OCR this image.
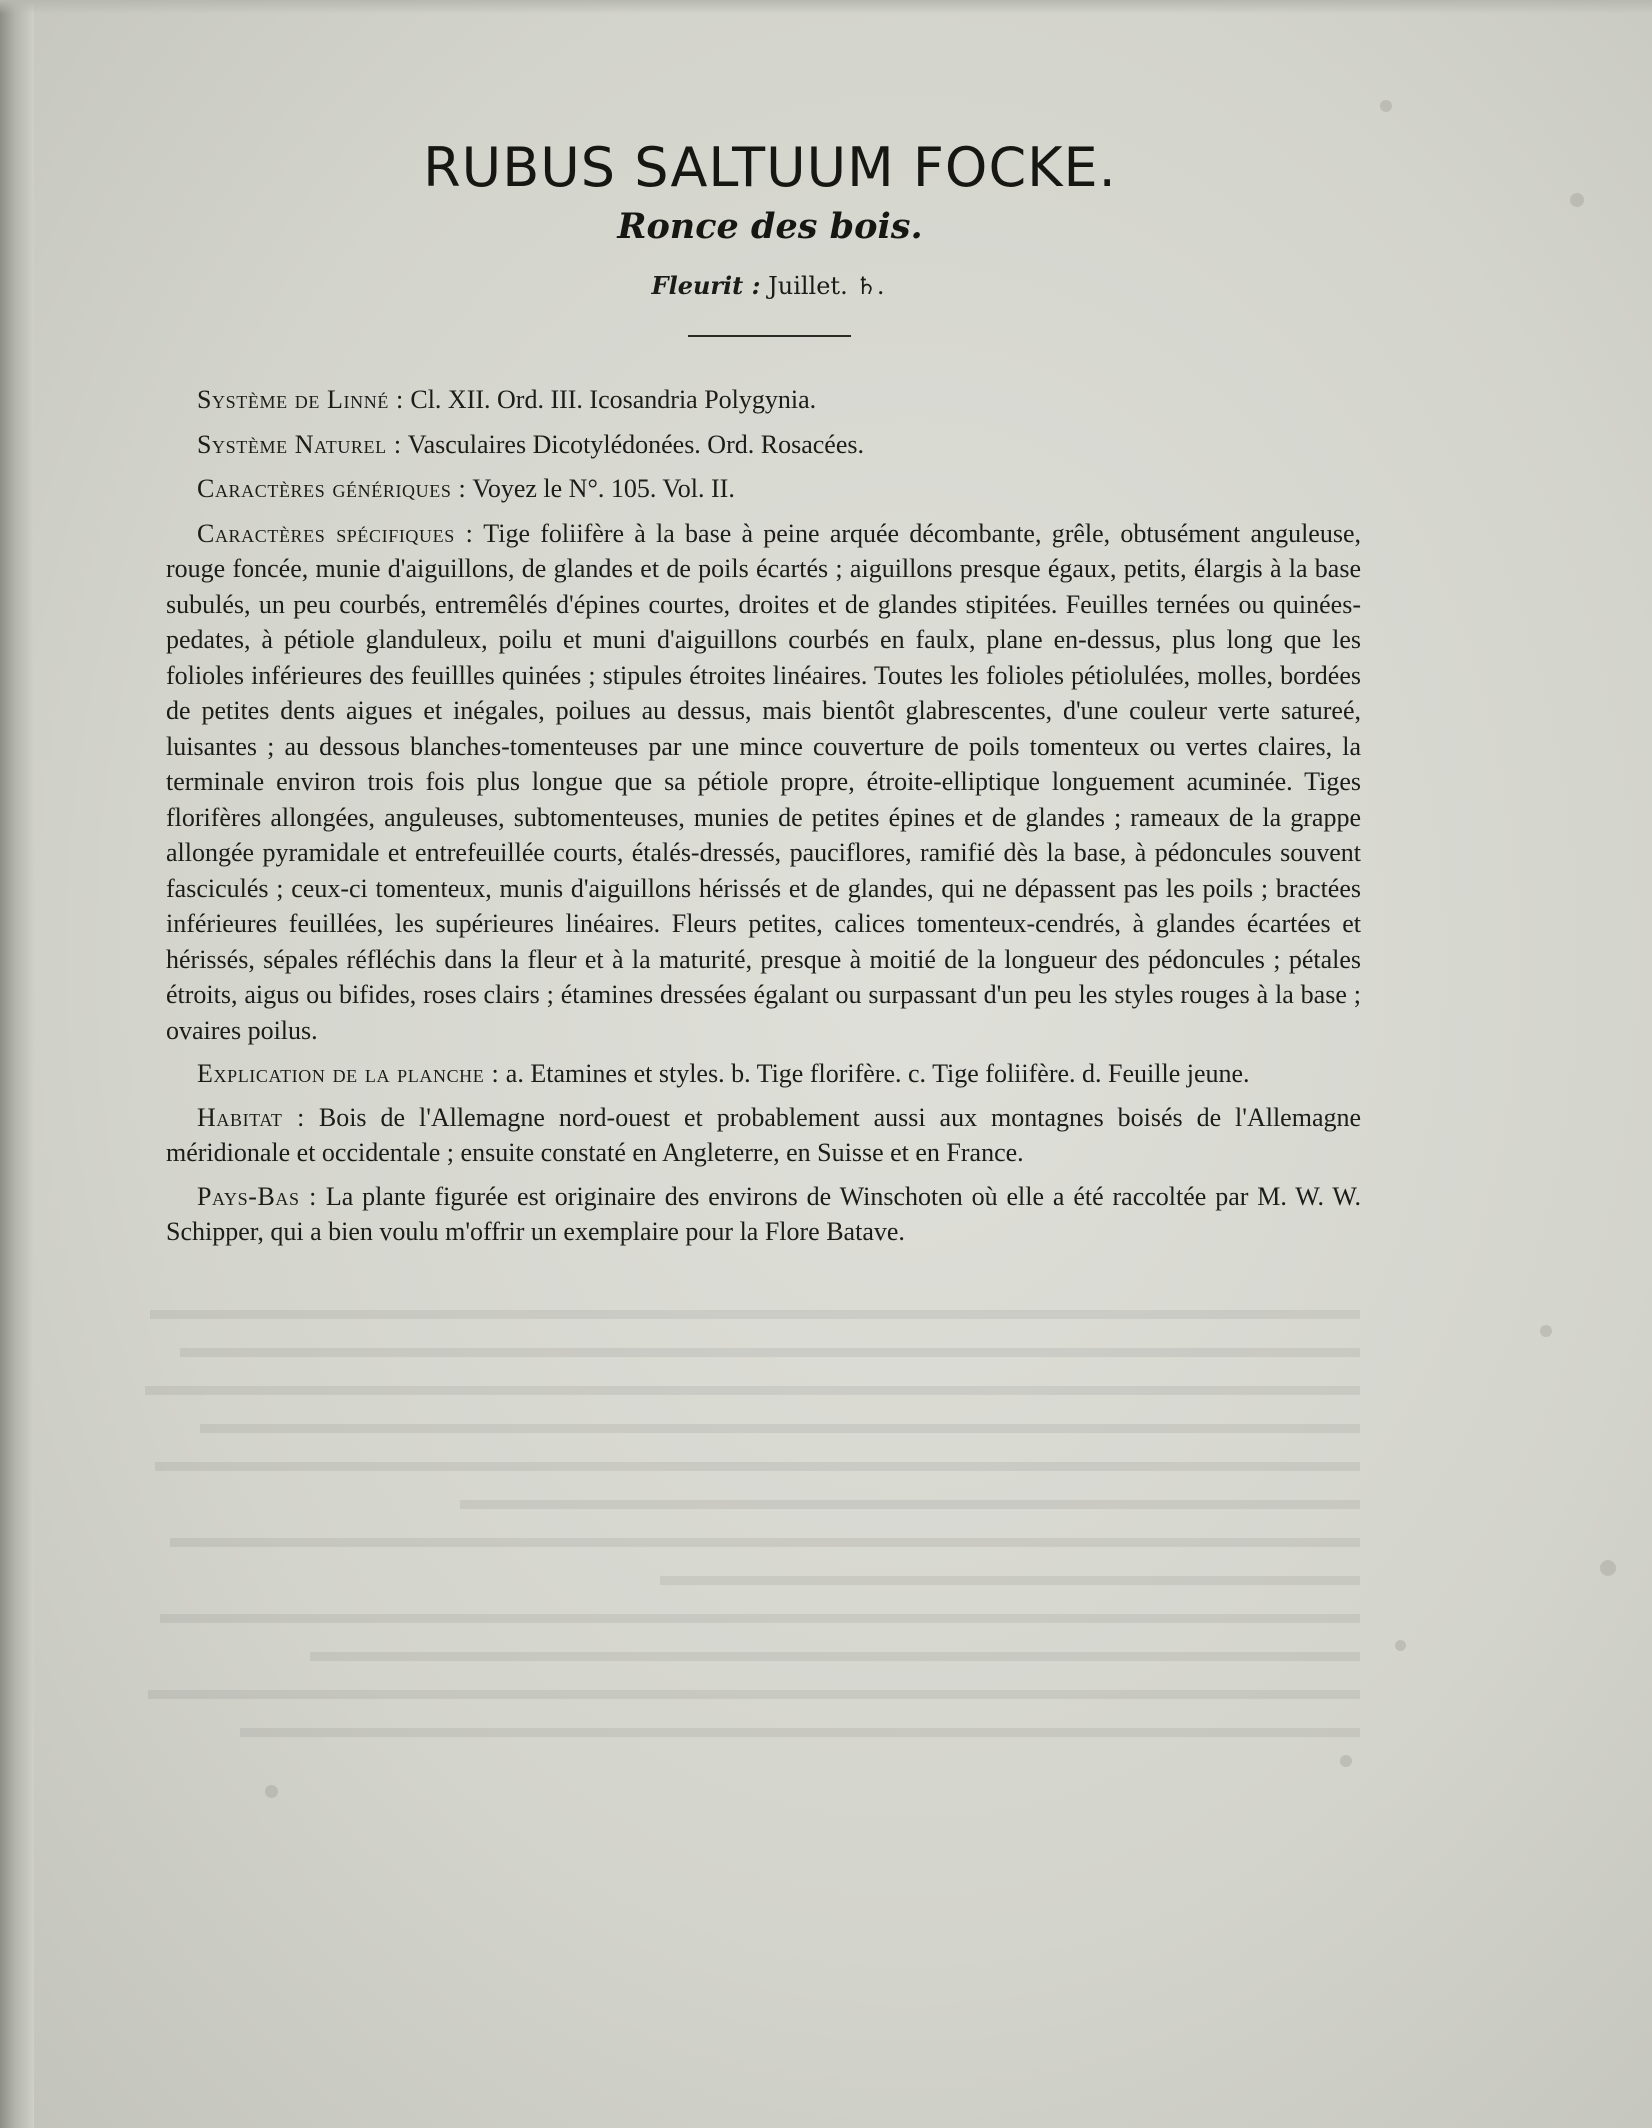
RUBUS SALTUUM FOCKE.
Ronce des bois.
Fleurit : Juillet. ♄.

Système de Linné : Cl. XII. Ord. III. Icosandria Polygynia.

Système Naturel : Vasculaires Dicotylédonées. Ord. Rosacées.

Caractères génériques : Voyez le N°. 105. Vol. II.

Caractères spécifiques : Tige foliifère à la base à peine arquée décombante, grêle, obtusément anguleuse, rouge foncée, munie d'aiguillons, de glandes et de poils écartés ; aiguillons presque égaux, petits, élargis à la base subulés, un peu courbés, entremêlés d'épines courtes, droites et de glandes stipitées. Feuilles ternées ou quinées-pedates, à pétiole glanduleux, poilu et muni d'aiguillons courbés en faulx, plane en-dessus, plus long que les folioles inférieures des feuillles quinées ; stipules étroites linéaires. Toutes les folioles pétiolulées, molles, bordées de petites dents aigues et inégales, poilues au dessus, mais bientôt glabrescentes, d'une couleur verte satureé, luisantes ; au dessous blanches-tomenteuses par une mince couverture de poils tomenteux ou vertes claires, la terminale environ trois fois plus longue que sa pétiole propre, étroite-elliptique longuement acuminée. Tiges florifères allongées, anguleuses, subtomenteuses, munies de petites épines et de glandes ; rameaux de la grappe allongée pyramidale et entrefeuillée courts, étalés-dressés, pauciflores, ramifié dès la base, à pédoncules souvent fasciculés ; ceux-ci tomenteux, munis d'aiguillons hérissés et de glandes, qui ne dépassent pas les poils ; bractées inférieures feuillées, les supérieures linéaires. Fleurs petites, calices tomenteux-cendrés, à glandes écartées et hérissés, sépales réfléchis dans la fleur et à la maturité, presque à moitié de la longueur des pédoncules ; pétales étroits, aigus ou bifides, roses clairs ; étamines dressées égalant ou surpassant d'un peu les styles rouges à la base ; ovaires poilus.

Explication de la planche : a. Etamines et styles. b. Tige florifère. c. Tige foliifère. d. Feuille jeune.

Habitat : Bois de l'Allemagne nord-ouest et probablement aussi aux montagnes boisés de l'Allemagne méridionale et occidentale ; ensuite constaté en Angleterre, en Suisse et en France.

Pays-Bas : La plante figurée est originaire des environs de Winschoten où elle a été raccoltée par M. W. W. Schipper, qui a bien voulu m'offrir un exemplaire pour la Flore Batave.
